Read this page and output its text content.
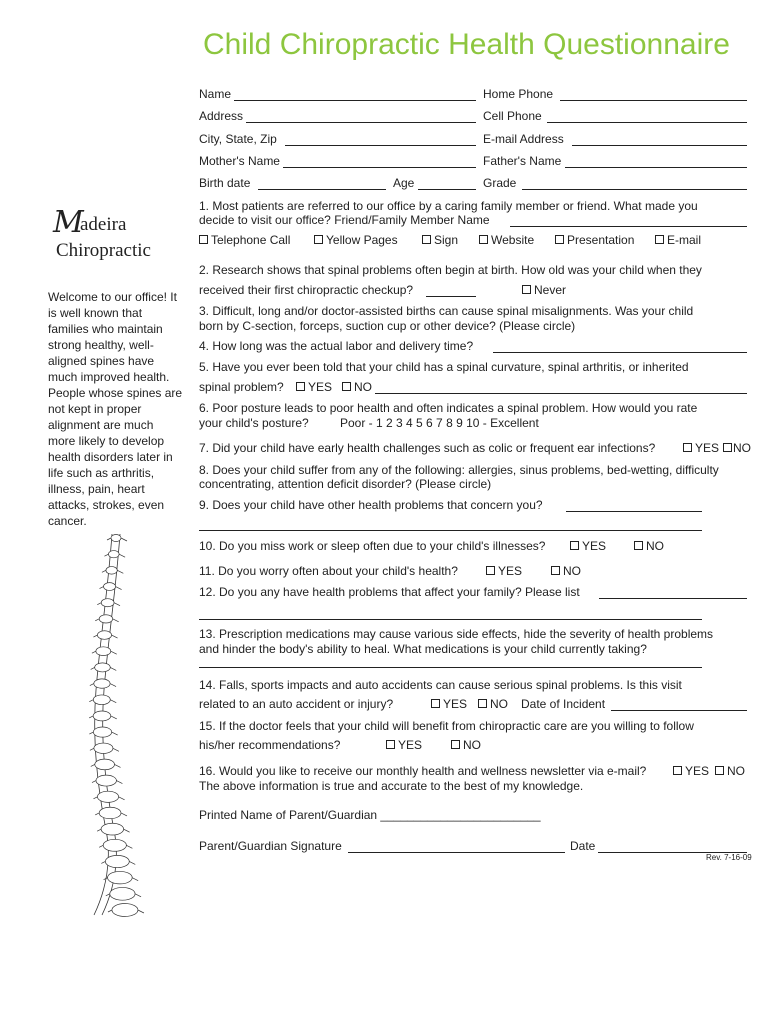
Child Chiropractic Health Questionnaire
M
adeira
Chiropractic
Welcome to our office! It is well known that families who maintain strong healthy, well-aligned spines have much improved health. People whose spines are not kept in proper alignment are much more likely to develop health disorders later in life such as arthritis, illness, pain, heart attacks, strokes, even cancer.
Name	Home Phone
Address	Cell Phone
City, State, Zip	E-mail Address
Mother's Name	Father's Name
Birth date	Age	Grade
1. Most patients are referred to our office by a caring family member or friend. What made you
decide to visit our office? Friend/Family Member Name
Telephone Call	Yellow Pages	Sign	Website	Presentation	E-mail
2. Research shows that spinal problems often begin at birth. How old was your child when they
received their first chiropractic checkup?	Never
3. Difficult, long and/or doctor-assisted births can cause spinal misalignments. Was your child
born by C-section, forceps, suction cup or other device? (Please circle)
4. How long was the actual labor and delivery time?
5. Have you ever been told that your child has a spinal curvature, spinal arthritis, or inherited
spinal problem?	YES	NO
6. Poor posture leads to poor health and often indicates a spinal problem. How would you rate
your child's posture?	Poor - 1 2 3 4 5 6 7 8 9 10 - Excellent
7. Did your child have early health challenges such as colic or frequent ear infections?	YES	NO
8. Does your child suffer from any of the following: allergies, sinus problems, bed-wetting, difficulty
concentrating, attention deficit disorder? (Please circle)
9. Does your child have other health problems that concern you?
10. Do you miss work or sleep often due to your child's illnesses?	YES	NO
11. Do you worry often about your child's health?	YES	NO
12. Do you any have health problems that affect your family? Please list
13. Prescription medications may cause various side effects, hide the severity of health problems
and hinder the body's ability to heal. What medications is your child currently taking?
14. Falls, sports impacts and auto accidents can cause serious spinal problems. Is this visit
related to an auto accident or injury?	YES	NO Date of Incident
15. If the doctor feels that your child will benefit from chiropractic care are you willing to follow
his/her recommendations?	YES	NO
16. Would you like to receive our monthly health and wellness newsletter via e-mail?	YES	NO
The above information is true and accurate to the best of my knowledge.
Printed Name of Parent/Guardian ________________________
Parent/Guardian Signature	Date
Rev. 7-16-09
